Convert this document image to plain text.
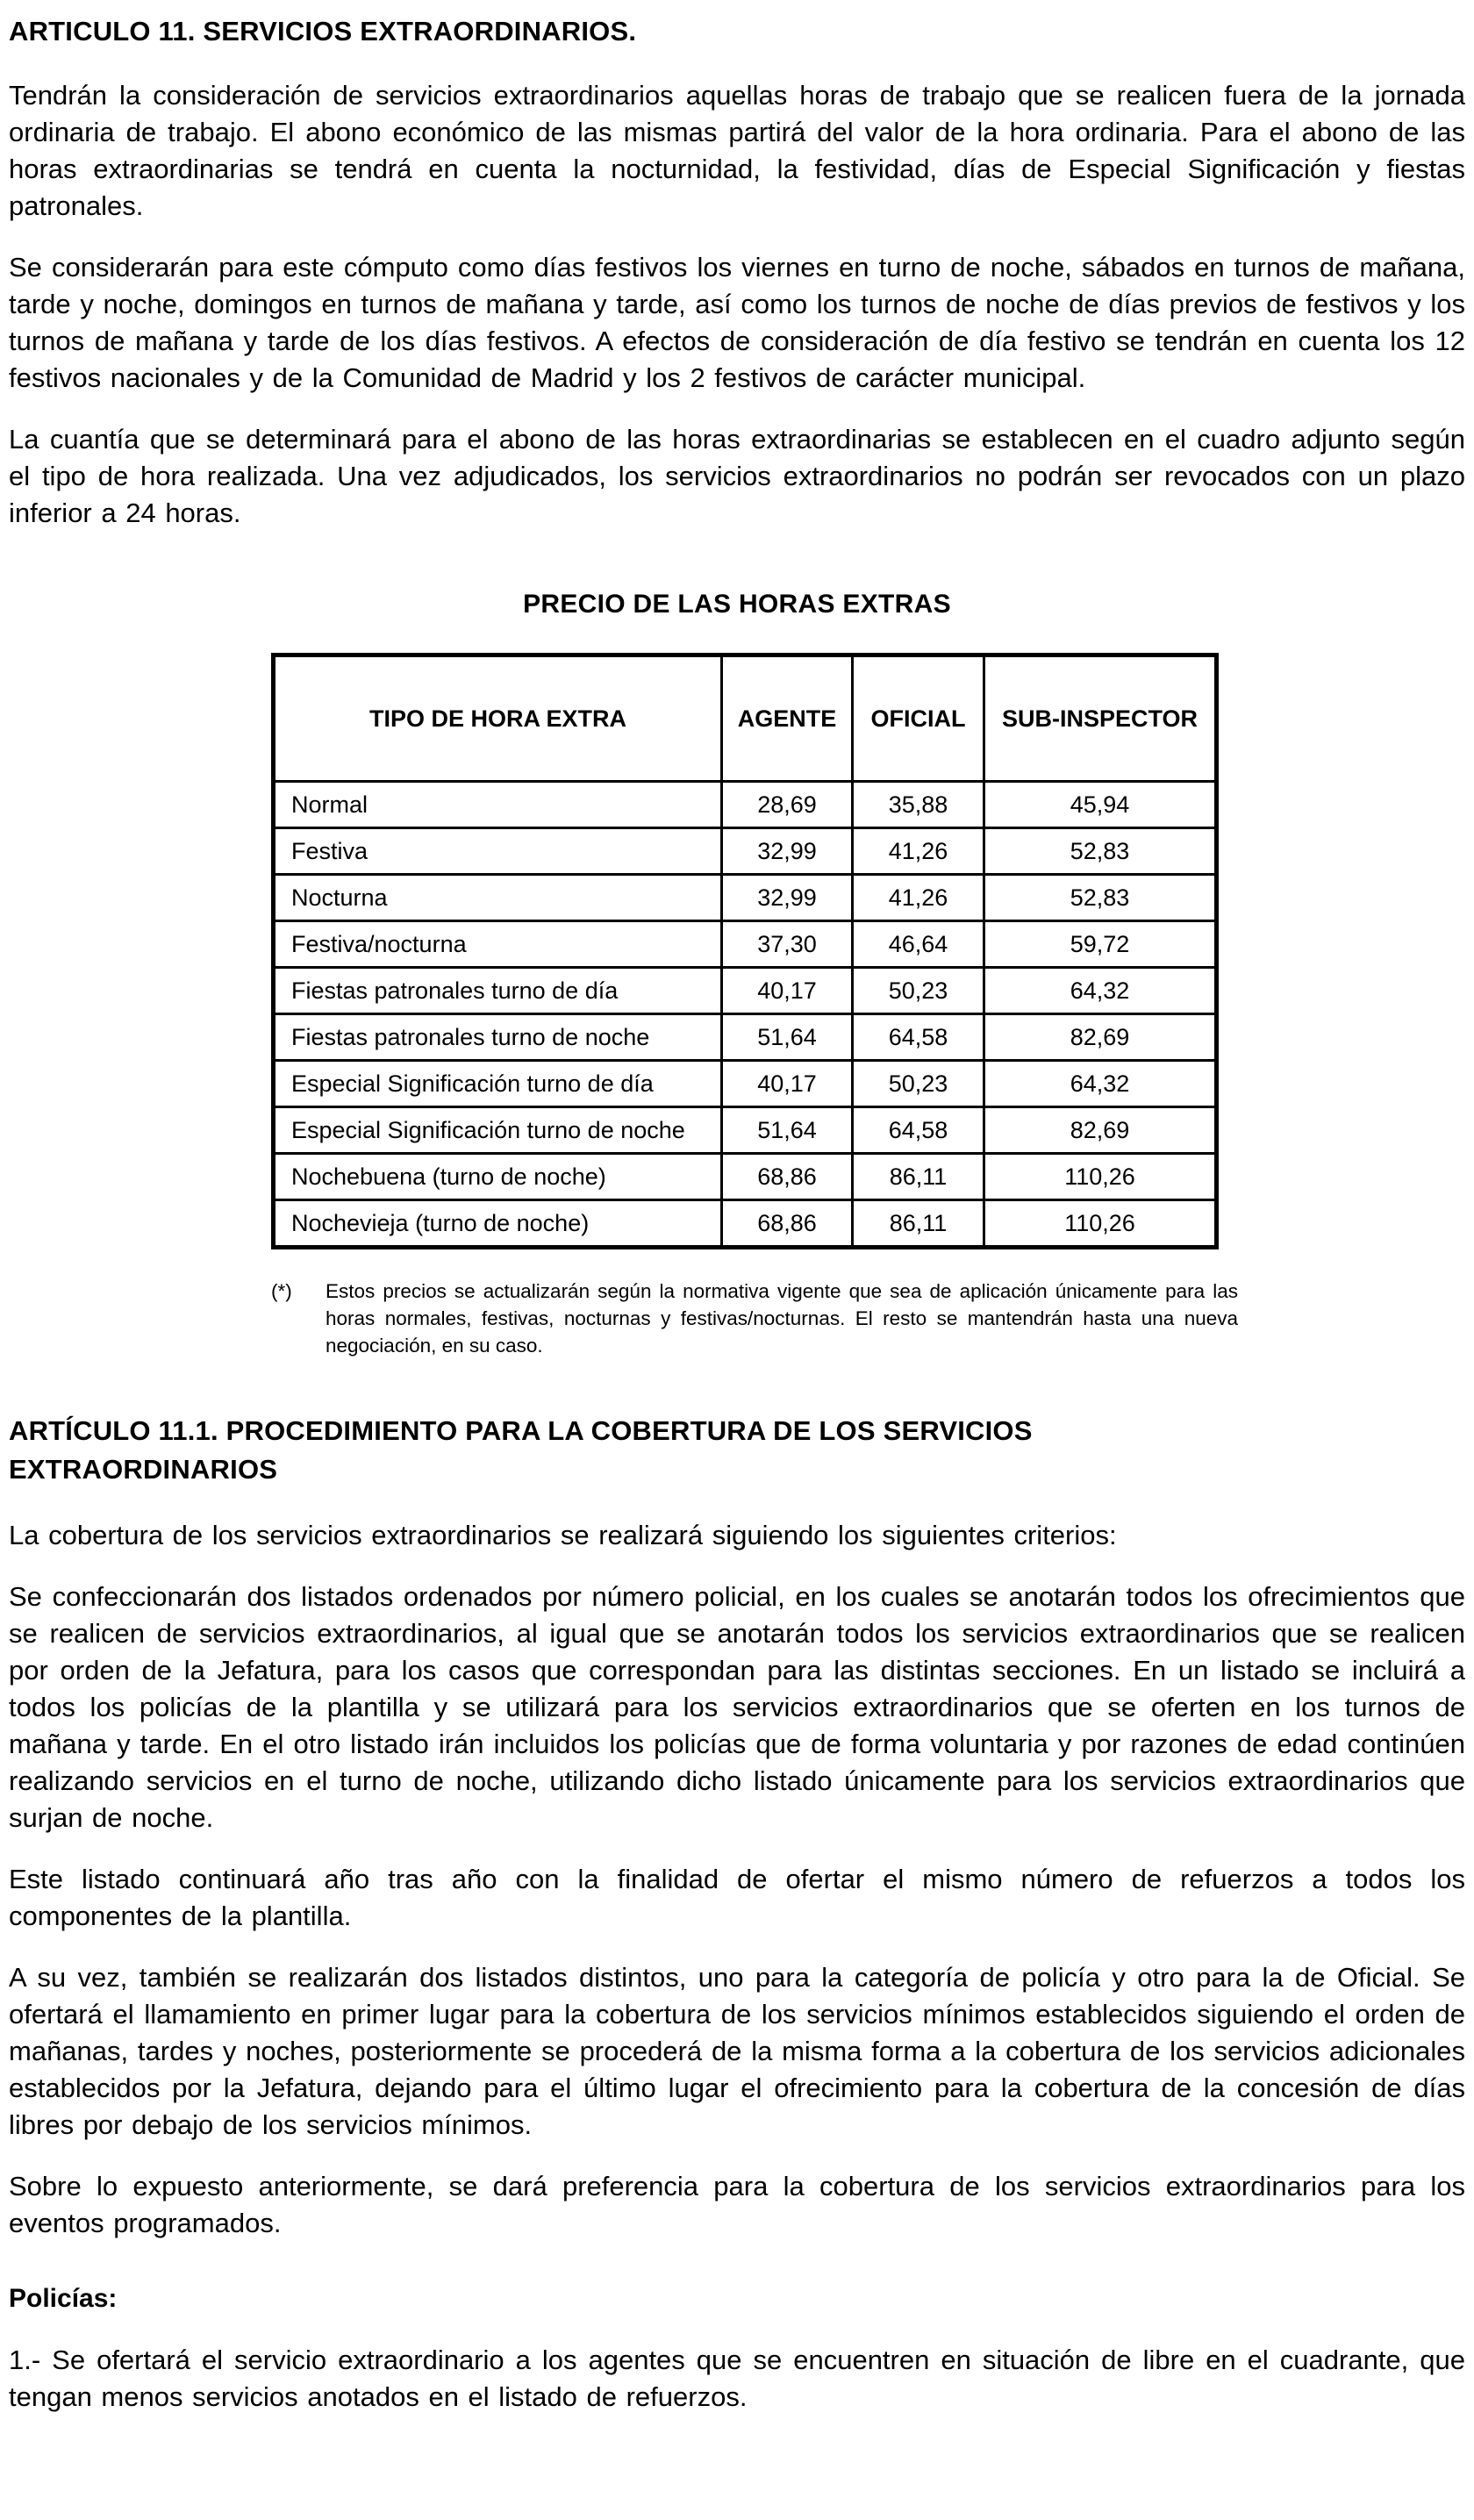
ARTICULO 11. SERVICIOS EXTRAORDINARIOS.

Tendrán la consideración de servicios extraordinarios aquellas horas de trabajo que se realicen fuera de la jornada ordinaria de trabajo. El abono económico de las mismas partirá del valor de la hora ordinaria. Para el abono de las horas extraordinarias se tendrá en cuenta la nocturnidad, la festividad, días de Especial Significación y fiestas patronales.

Se considerarán para este cómputo como días festivos los viernes en turno de noche, sábados en turnos de mañana, tarde y noche, domingos en turnos de mañana y tarde, así como los turnos de noche de días previos de festivos y los turnos de mañana y tarde de los días festivos. A efectos de consideración de día festivo se tendrán en cuenta los 12 festivos nacionales y de la Comunidad de Madrid y los 2 festivos de carácter municipal.

La cuantía que se determinará para el abono de las horas extraordinarias se establecen en el cuadro adjunto según el tipo de hora realizada. Una vez adjudicados, los servicios extraordinarios no podrán ser revocados con un plazo inferior a 24 horas.

PRECIO DE LAS HORAS EXTRAS
TIPO DE HORA EXTRA	AGENTE	OFICIAL	SUB-INSPECTOR
Normal	28,69	35,88	45,94
Festiva	32,99	41,26	52,83
Nocturna	32,99	41,26	52,83
Festiva/nocturna	37,30	46,64	59,72
Fiestas patronales turno de día	40,17	50,23	64,32
Fiestas patronales turno de noche	51,64	64,58	82,69
Especial Significación turno de día	40,17	50,23	64,32
Especial Significación turno de noche	51,64	64,58	82,69
Nochebuena (turno de noche)	68,86	86,11	110,26
Nochevieja (turno de noche)	68,86	86,11	110,26
(*)	Estos precios se actualizarán según la normativa vigente que sea de aplicación únicamente para las horas normales, festivas, nocturnas y festivas/nocturnas. El resto se mantendrán hasta una nueva negociación, en su caso.
ARTÍCULO 11.1. PROCEDIMIENTO PARA LA COBERTURA DE LOS SERVICIOS EXTRAORDINARIOS

La cobertura de los servicios extraordinarios se realizará siguiendo los siguientes criterios:

Se confeccionarán dos listados ordenados por número policial, en los cuales se anotarán todos los ofrecimientos que se realicen de servicios extraordinarios, al igual que se anotarán todos los servicios extraordinarios que se realicen por orden de la Jefatura, para los casos que correspondan para las distintas secciones. En un listado se incluirá a todos los policías de la plantilla y se utilizará para los servicios extraordinarios que se oferten en los turnos de mañana y tarde. En el otro listado irán incluidos los policías que de forma voluntaria y por razones de edad continúen realizando servicios en el turno de noche, utilizando dicho listado únicamente para los servicios extraordinarios que surjan de noche.

Este listado continuará año tras año con la finalidad de ofertar el mismo número de refuerzos a todos los componentes de la plantilla.

A su vez, también se realizarán dos listados distintos, uno para la categoría de policía y otro para la de Oficial. Se ofertará el llamamiento en primer lugar para la cobertura de los servicios mínimos establecidos siguiendo el orden de mañanas, tardes y noches, posteriormente se procederá de la misma forma a la cobertura de los servicios adicionales establecidos por la Jefatura, dejando para el último lugar el ofrecimiento para la cobertura de la concesión de días libres por debajo de los servicios mínimos.

Sobre lo expuesto anteriormente, se dará preferencia para la cobertura de los servicios extraordinarios para los eventos programados.

Policías:

1.- Se ofertará el servicio extraordinario a los agentes que se encuentren en situación de libre en el cuadrante, que tengan menos servicios anotados en el listado de refuerzos.
